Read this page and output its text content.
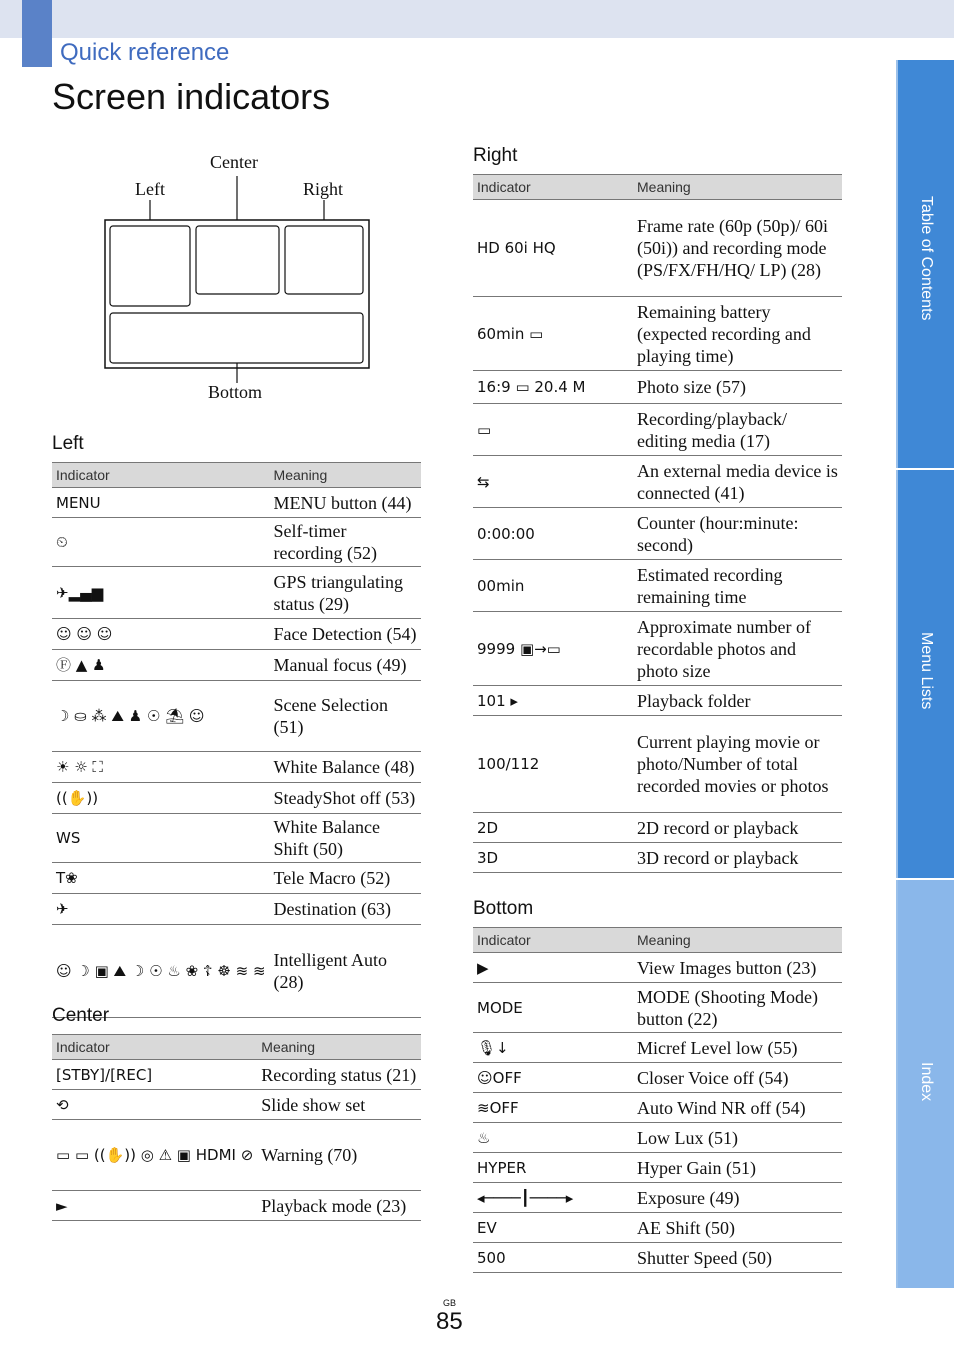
Quick reference
Screen indicators
Table of Contents
Menu Lists
Index
Center
Left	Right
Bottom
Left
Indicator	Meaning
MENU	MENU button (44)
⏲	Self-timer recording (52)
✈▂▄▆	GPS triangulating status (29)
☺ ☺ ☺	Face Detection (54)
Ⓕ ▲ ♟	Manual focus (49)
☽ ⛀ ⁂ ⛰ ♟ ☉ ⛱ ☺	Scene Selection (51)
☀ ☼ ⛶	White Balance (48)
((✋))	SteadyShot off (53)
WS	White Balance Shift (50)
T❀	Tele Macro (52)
✈	Destination (63)
☺ ☽ ▣ ⛰ ☽ ☉ ♨ ❀ ☦ ☸ ≋ ≋	Intelligent Auto (28)
Center
Indicator	Meaning
[STBY]/[REC]	Recording status (21)
⟲	Slide show set
▭ ▭ ((✋)) ◎ ⚠ ▣ HDMI ⊘	Warning (70)
►	Playback mode (23)
Right
Indicator	Meaning
HD 60i HQ	Frame rate (60p (50p)/ 60i (50i)) and recording mode (PS/FX/FH/HQ/ LP) (28)
60min ▭	Remaining battery (expected recording and playing time)
16:9 ▭ 20.4 M	Photo size (57)
▭	Recording/playback/ editing media (17)
⇆	An external media device is connected (41)
0:00:00	Counter (hour:minute: second)
00min	Estimated recording remaining time
9999 ▣→▭	Approximate number of recordable photos and photo size
101 ▸	Playback folder
100/112	Current playing movie or photo/Number of total recorded movies or photos
2D	2D record or playback
3D	3D record or playback
Bottom
Indicator	Meaning
▶	View Images button (23)
MODE	MODE (Shooting Mode) button (22)
🎙↓	Micref Level low (55)
☺OFF	Closer Voice off (54)
≋OFF	Auto Wind NR off (54)
♨	Low Lux (51)
HYPER	Hyper Gain (51)
◂────┃────▸	Exposure (49)
EV	AE Shift (50)
500	Shutter Speed (50)
GB
85
